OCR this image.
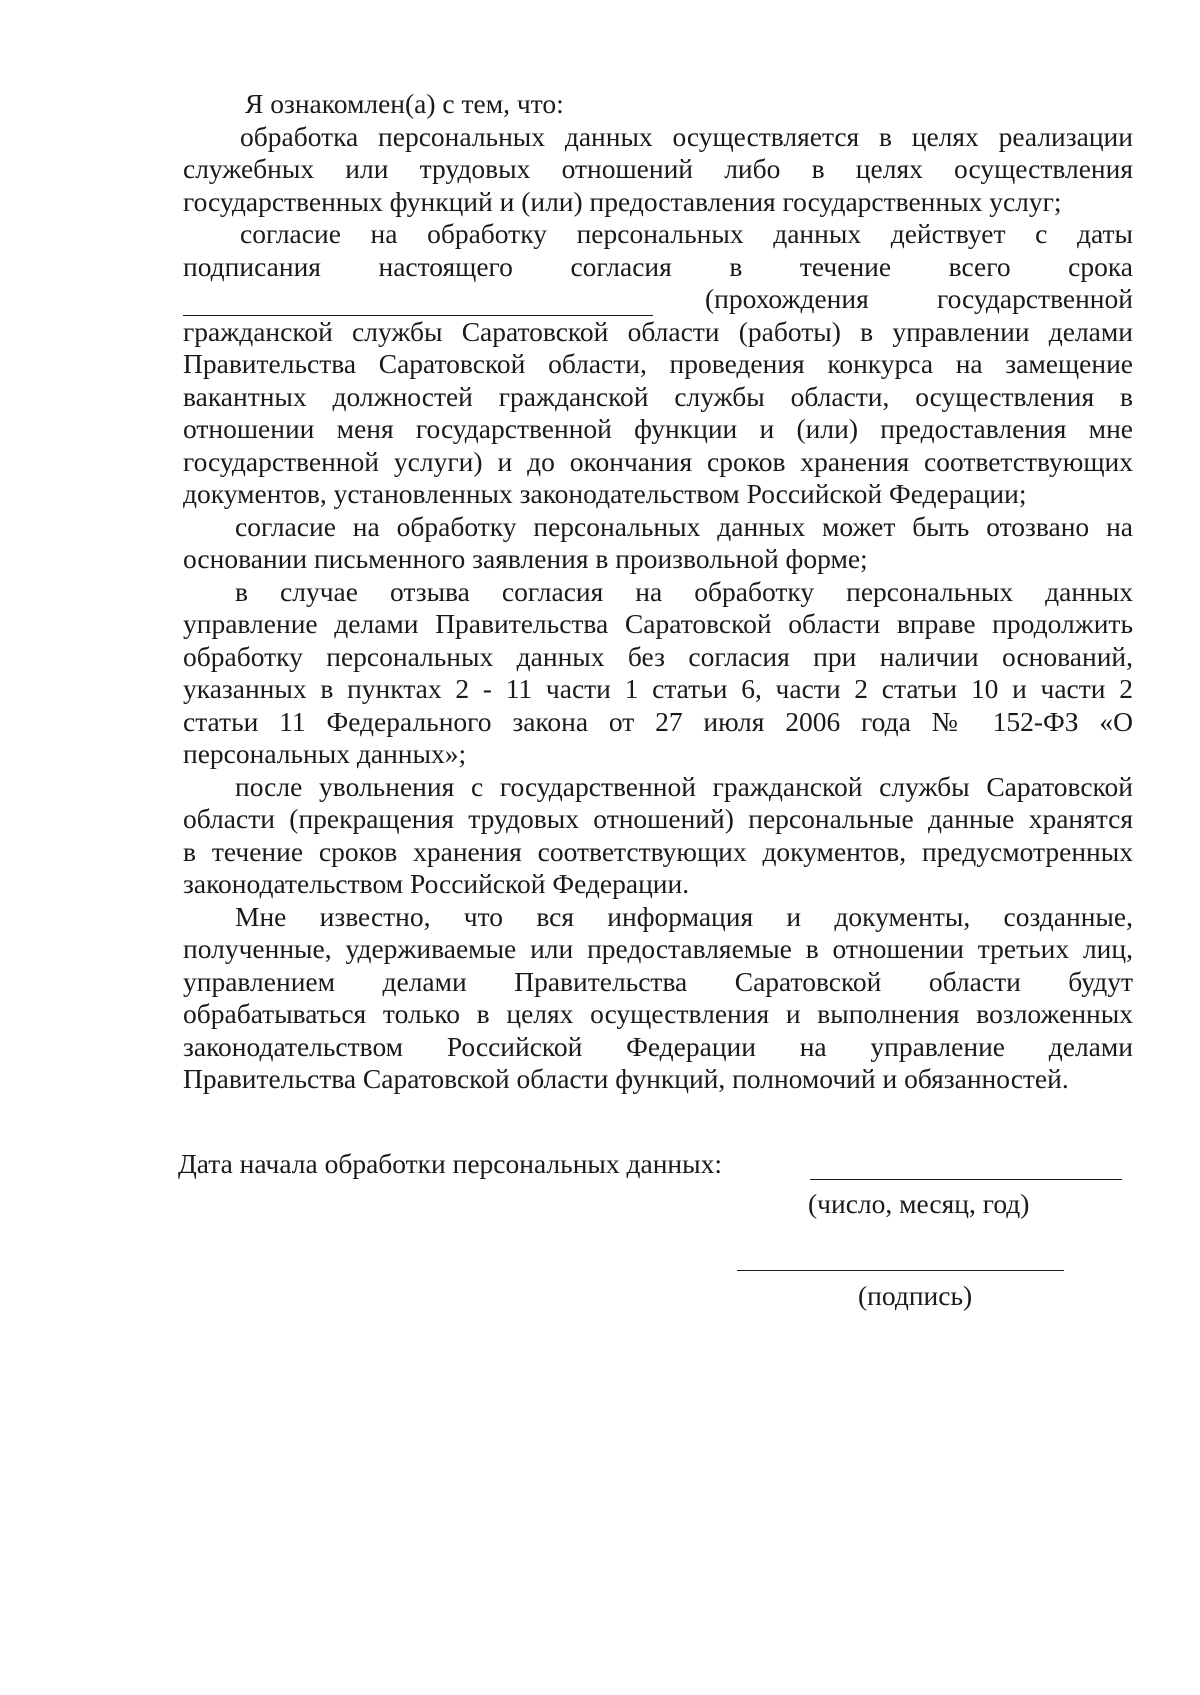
Я ознакомлен(а) с тем, что:
обработка персональных данных осуществляется в целях реализации
служебных или трудовых отношений либо в целях осуществления
государственных функций и (или) предоставления государственных услуг;
согласие на обработку персональных данных действует с даты
подписания настоящего согласия в течение всего срока
(прохождения государственной
гражданской службы Саратовской области (работы) в управлении делами
Правительства Саратовской области, проведения конкурса на замещение
вакантных должностей гражданской службы области, осуществления в
отношении меня государственной функции и (или) предоставления мне
государственной услуги) и до окончания сроков хранения соответствующих
документов, установленных законодательством Российской Федерации;
согласие на обработку персональных данных может быть отозвано на
основании письменного заявления в произвольной форме;
в случае отзыва согласия на обработку персональных данных
управление делами Правительства Саратовской области вправе продолжить
обработку персональных данных без согласия при наличии оснований,
указанных в пунктах 2 - 11 части 1 статьи 6, части 2 статьи 10 и части 2
статьи 11 Федерального закона от 27 июля 2006 года № 152-ФЗ «О
персональных данных»;
после увольнения с государственной гражданской службы Саратовской
области (прекращения трудовых отношений) персональные данные хранятся
в течение сроков хранения соответствующих документов, предусмотренных
законодательством Российской Федерации.
Мне известно, что вся информация и документы, созданные,
полученные, удерживаемые или предоставляемые в отношении третьих лиц,
управлением делами Правительства Саратовской области будут
обрабатываться только в целях осуществления и выполнения возложенных
законодательством Российской Федерации на управление делами
Правительства Саратовской области функций, полномочий и обязанностей.
Дата начала обработки персональных данных:
(число, месяц, год)
(подпись)
